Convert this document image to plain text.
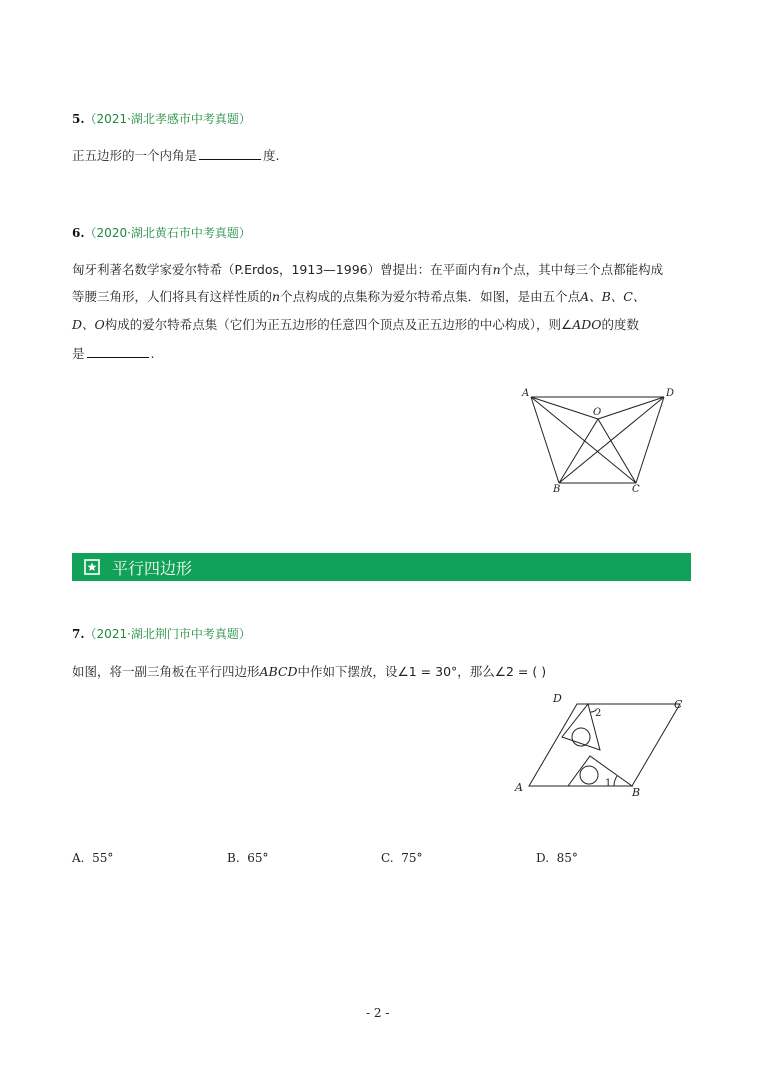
5.（2021·湖北孝感市中考真题）
正五边形的一个内角是	度.
6.（2020·湖北黄石市中考真题）
匈牙利著名数学家爱尔特希（P.Erdos，1913—1996）曾提出：在平面内有n个点，其中每三个点都能构成
等腰三角形，人们将具有这样性质的n个点构成的点集称为爱尔特希点集．如图，是由五个点A、B、C、
D、O构成的爱尔特希点集（它们为正五边形的任意四个顶点及正五边形的中心构成），则∠ADO的度数
是	.
A	D
O
B	C
平行四边形
7.（2021·湖北荆门市中考真题）
如图，将一副三角板在平行四边形ABCD中作如下摆放，设∠1 = 30°，那么∠2 = ( )
D	C
A	B
1
2
A. 55°	B. 65°	C. 75°	D. 85°
- 2 -
